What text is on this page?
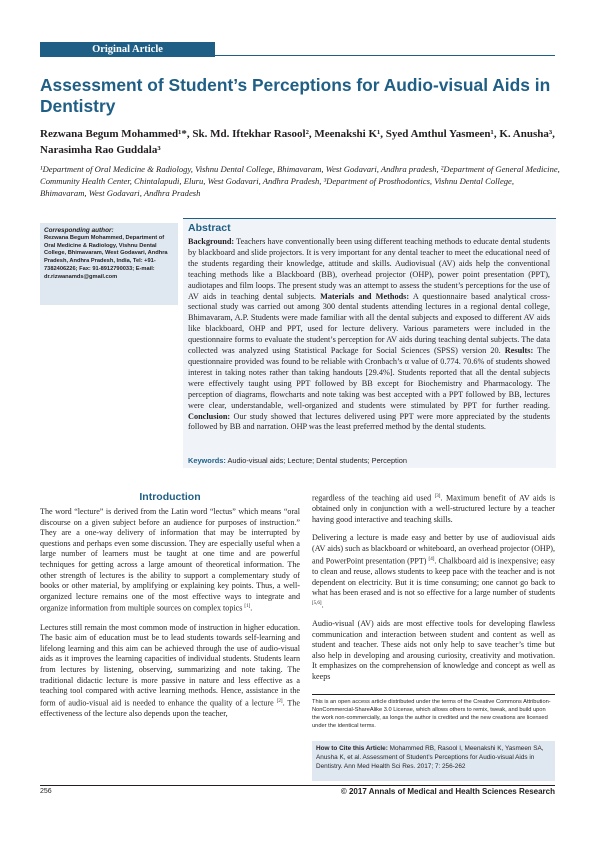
Original Article
Assessment of Student’s Perceptions for Audio-visual Aids in Dentistry
Rezwana Begum Mohammed¹*, Sk. Md. Iftekhar Rasool², Meenakshi K¹, Syed Amthul Yasmeen¹, K. Anusha³, Narasimha Rao Guddala³
¹Department of Oral Medicine & Radiology, Vishnu Dental College, Bhimavaram, West Godavari, Andhra pradesh, ²Department of General Medicine, Community Health Center, Chintalapudi, Eluru, West Godavari, Andhra Pradesh, ³Department of Prosthodontics, Vishnu Dental College, Bhimavaram, West Godavari, Andhra Pradesh
Corresponding author:
Rezwana Begum Mohammed, Department of Oral Medicine & Radiology, Vishnu Dental College, Bhimavaram, West Godavari, Andhra Pradesh, Andhra Pradesh, India, Tel: +91-7382406226; Fax: 91-8912790033; E-mail: dr.rizwanamds@gmail.com
Abstract
Background: Teachers have conventionally been using different teaching methods to educate dental students by blackboard and slide projectors. It is very important for any dental teacher to meet the educational need of the students regarding their knowledge, attitude and skills. Audiovisual (AV) aids help the conventional teaching methods like a Blackboard (BB), overhead projector (OHP), power point presentation (PPT), audiotapes and film loops. The present study was an attempt to assess the student’s perceptions for the use of AV aids in teaching dental subjects. Materials and Methods: A questionnaire based analytical cross-sectional study was carried out among 300 dental students attending lectures in a regional dental college, Bhimavaram, A.P. Students were made familiar with all the dental subjects and exposed to different AV aids like blackboard, OHP and PPT, used for lecture delivery. Various parameters were included in the questionnaire forms to evaluate the student’s perception for AV aids during teaching dental subjects. The data collected was analyzed using Statistical Package for Social Sciences (SPSS) version 20. Results: The questionnaire provided was found to be reliable with Cronbach’s α value of 0.774. 70.6% of students showed interest in taking notes rather than taking handouts [29.4%]. Students reported that all the dental subjects were effectively taught using PPT followed by BB except for Biochemistry and Pharmacology. The perception of diagrams, flowcharts and note taking was best accepted with a PPT followed by BB, lectures were clear, understandable, well-organized and students were stimulated by PPT for further reading. Conclusion: Our study showed that lectures delivered using PPT were more appreciated by the students followed by BB and narration. OHP was the least preferred method by the dental students.
Keywords: Audio-visual aids; Lecture; Dental students; Perception
Introduction

The word “lecture” is derived from the Latin word “lectus” which means “oral discourse on a given subject before an audience for purposes of instruction.” They are a one-way delivery of information that may be interrupted by questions and perhaps even some discussion. They are especially useful when a large number of learners must be taught at one time and are powerful techniques for getting across a large amount of theoretical information. The other strength of lectures is the ability to support a complementary study of books or other material, by amplifying or explaining key points. Thus, a well-organized lecture remains one of the most effective ways to integrate and organize information from multiple sources on complex topics [1].

Lectures still remain the most common mode of instruction in higher education. The basic aim of education must be to lead students towards self-learning and lifelong learning and this aim can be achieved through the use of audio-visual aids as it improves the learning capacities of individual students. Students learn from lectures by listening, observing, summarizing and note taking. The traditional didactic lecture is more passive in nature and less effective as a teaching tool compared with active learning methods. Hence, assistance in the form of audio-visual aid is needed to enhance the quality of a lecture [2]. The effectiveness of the lecture also depends upon the teacher,

regardless of the teaching aid used [3]. Maximum benefit of AV aids is obtained only in conjunction with a well-structured lecture by a teacher having good interactive and teaching skills.

Delivering a lecture is made easy and better by use of audiovisual aids (AV aids) such as blackboard or whiteboard, an overhead projector (OHP), and PowerPoint presentation (PPT) [4]. Chalkboard aid is inexpensive; easy to clean and reuse, allows students to keep pace with the teacher and is not dependent on electricity. But it is time consuming; one cannot go back to what has been erased and is not so effective for a large number of students [5,6].

Audio-visual (AV) aids are most effective tools for developing flawless communication and interaction between student and content as well as student and teacher. These aids not only help to save teacher’s time but also help in developing and arousing curiosity, creativity and motivation. It emphasizes on the comprehension of knowledge and concept as well as keeps

This is an open access article distributed under the terms of the Creative Commons Attribution-NonCommercial-ShareAlike 3.0 License, which allows others to remix, tweak, and build upon the work non-commercially, as longs the author is credited and the new creations are licensed under the identical terms.
How to Cite this Article: Mohammed RB, Rasool I, Meenakshi K, Yasmeen SA, Anusha K, et al. Assessment of Student’s Perceptions for Audio-visual Aids in Dentistry. Ann Med Health Sci Res. 2017; 7: 256-262
256	© 2017 Annals of Medical and Health Sciences Research
